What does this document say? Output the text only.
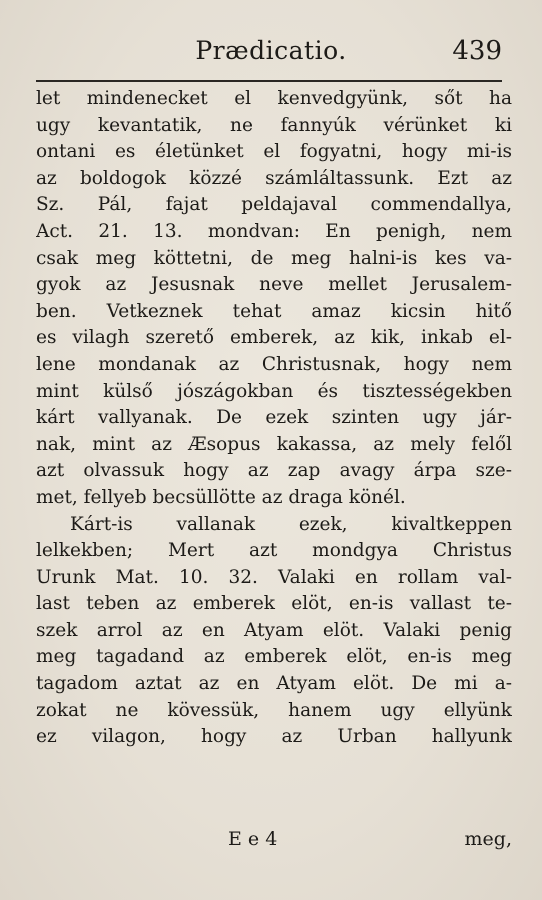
Prædicatio.	439
let mindenecket el kenvedgyünk, sőt ha
ugy kevantatik, ne fannyúk vérünket ki
ontani es életünket el fogyatni, hogy mi-is
az boldogok közzé számláltassunk. Ezt az
Sz. Pál, fajat peldajaval commendallya,
Act. 21. 13. mondvan: En penigh, nem
csak meg köttetni, de meg halni-is kes va-
gyok az Jesusnak neve mellet Jerusalem-
ben. Vetkeznek tehat amaz kicsin hitő
es vilagh szerető emberek, az kik, inkab el-
lene mondanak az Christusnak, hogy nem
mint külső jószágokban és tisztességekben
kárt vallyanak. De ezek szinten ugy jár-
nak, mint az Æsopus kakassa, az mely felől
azt olvassuk hogy az zap avagy árpa sze-
met, fellyeb becsüllötte az draga könél.
Kárt-is vallanak ezek, kivaltkeppen
lelkekben; Mert azt mondgya Christus
Urunk Mat. 10. 32. Valaki en rollam val-
last teben az emberek elöt, en-is vallast te-
szek arrol az en Atyam elöt. Valaki penig
meg tagadand az emberek elöt, en-is meg
tagadom aztat az en Atyam elöt. De mi a-
zokat ne kövessük, hanem ugy ellyünk
ez vilagon, hogy az Urban hallyunk
E e 4	meg,
